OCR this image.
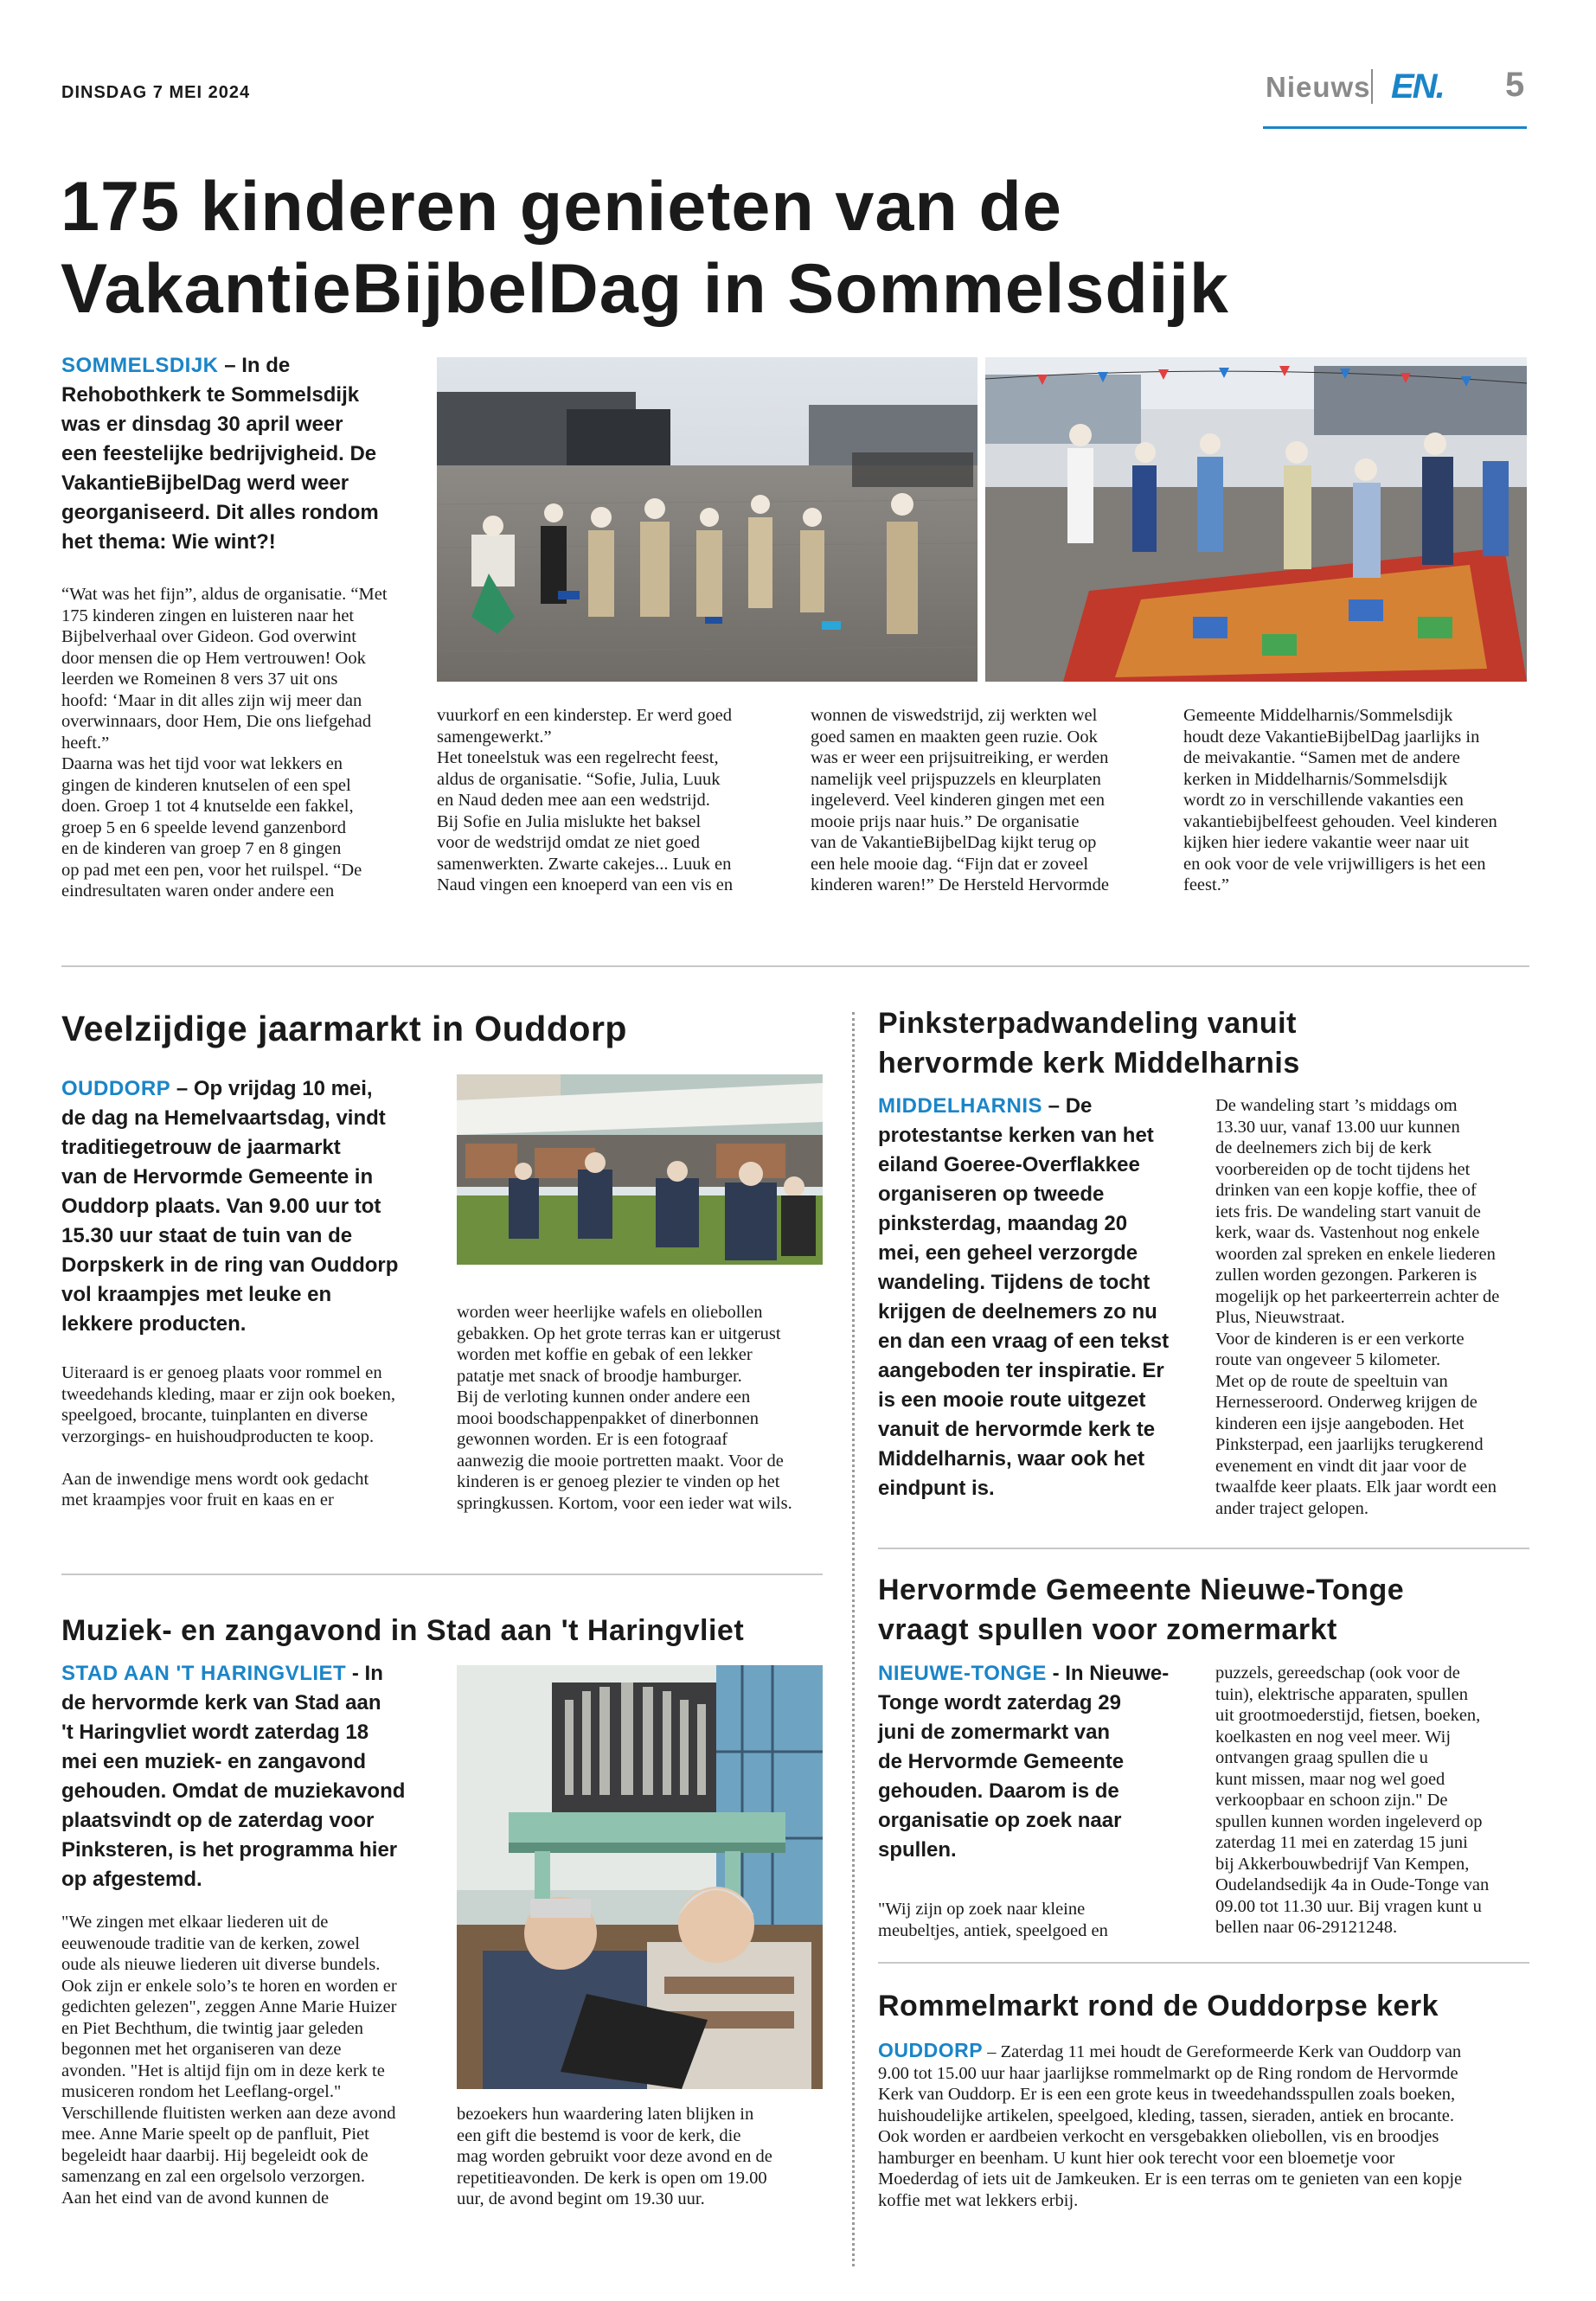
DINSDAG 7 MEI 2024	Nieuws EN. 5
175 kinderen genieten van de
VakantieBijbelDag in Sommelsdijk
SOMMELSDIJK – In de
Rehobothkerk te Sommelsdijk
was er dinsdag 30 april weer
een feestelijke bedrijvigheid. De
VakantieBijbelDag werd weer
georganiseerd. Dit alles rondom
het thema: Wie wint?!
“Wat was het fijn”, aldus de organisatie. “Met
175 kinderen zingen en luisteren naar het
Bijbelverhaal over Gideon. God overwint
door mensen die op Hem vertrouwen! Ook
leerden we Romeinen 8 vers 37 uit ons
hoofd: ‘Maar in dit alles zijn wij meer dan
overwinnaars, door Hem, Die ons liefgehad
heeft.”
Daarna was het tijd voor wat lekkers en
gingen de kinderen knutselen of een spel
doen. Groep 1 tot 4 knutselde een fakkel,
groep 5 en 6 speelde levend ganzenbord
en de kinderen van groep 7 en 8 gingen
op pad met een pen, voor het ruilspel. “De
eindresultaten waren onder andere een
vuurkorf en een kinderstep. Er werd goed
samengewerkt.”
Het toneelstuk was een regelrecht feest,
aldus de organisatie. “Sofie, Julia, Luuk
en Naud deden mee aan een wedstrijd.
Bij Sofie en Julia mislukte het baksel
voor de wedstrijd omdat ze niet goed
samenwerkten. Zwarte cakejes... Luuk en
Naud vingen een knoeperd van een vis en
wonnen de viswedstrijd, zij werkten wel
goed samen en maakten geen ruzie. Ook
was er weer een prijsuitreiking, er werden
namelijk veel prijspuzzels en kleurplaten
ingeleverd. Veel kinderen gingen met een
mooie prijs naar huis.” De organisatie
van de VakantieBijbelDag kijkt terug op
een hele mooie dag. “Fijn dat er zoveel
kinderen waren!” De Hersteld Hervormde
Gemeente Middelharnis/Sommelsdijk
houdt deze VakantieBijbelDag jaarlijks in
de meivakantie. “Samen met de andere
kerken in Middelharnis/Sommelsdijk
wordt zo in verschillende vakanties een
vakantiebijbelfeest gehouden. Veel kinderen
kijken hier iedere vakantie weer naar uit
en ook voor de vele vrijwilligers is het een
feest.”
Veelzijdige jaarmarkt in Ouddorp
OUDDORP – Op vrijdag 10 mei,
de dag na Hemelvaartsdag, vindt
traditiegetrouw de jaarmarkt
van de Hervormde Gemeente in
Ouddorp plaats. Van 9.00 uur tot
15.30 uur staat de tuin van de
Dorpskerk in de ring van Ouddorp
vol kraampjes met leuke en
lekkere producten.
Uiteraard is er genoeg plaats voor rommel en
tweedehands kleding, maar er zijn ook boeken,
speelgoed, brocante, tuinplanten en diverse
verzorgings- en huishoudproducten te koop.
Aan de inwendige mens wordt ook gedacht
met kraampjes voor fruit en kaas en er
worden weer heerlijke wafels en oliebollen
gebakken. Op het grote terras kan er uitgerust
worden met koffie en gebak of een lekker
patatje met snack of broodje hamburger.
Bij de verloting kunnen onder andere een
mooi boodschappenpakket of dinerbonnen
gewonnen worden. Er is een fotograaf
aanwezig die mooie portretten maakt. Voor de
kinderen is er genoeg plezier te vinden op het
springkussen. Kortom, voor een ieder wat wils.
Pinksterpadwandeling vanuit
hervormde kerk Middelharnis
MIDDELHARNIS – De
protestantse kerken van het
eiland Goeree-Overflakkee
organiseren op tweede
pinksterdag, maandag 20
mei, een geheel verzorgde
wandeling. Tijdens de tocht
krijgen de deelnemers zo nu
en dan een vraag of een tekst
aangeboden ter inspiratie. Er
is een mooie route uitgezet
vanuit de hervormde kerk te
Middelharnis, waar ook het
eindpunt is.
De wandeling start ’s middags om
13.30 uur, vanaf 13.00 uur kunnen
de deelnemers zich bij de kerk
voorbereiden op de tocht tijdens het
drinken van een kopje koffie, thee of
iets fris. De wandeling start vanuit de
kerk, waar ds. Vastenhout nog enkele
woorden zal spreken en enkele liederen
zullen worden gezongen. Parkeren is
mogelijk op het parkeerterrein achter de
Plus, Nieuwstraat.
Voor de kinderen is er een verkorte
route van ongeveer 5 kilometer.
Met op de route de speeltuin van
Hernesseroord. Onderweg krijgen de
kinderen een ijsje aangeboden. Het
Pinksterpad, een jaarlijks terugkerend
evenement en vindt dit jaar voor de
twaalfde keer plaats. Elk jaar wordt een
ander traject gelopen.
Muziek- en zangavond in Stad aan 't Haringvliet
STAD AAN 'T HARINGVLIET - In
de hervormde kerk van Stad aan
't Haringvliet wordt zaterdag 18
mei een muziek- en zangavond
gehouden. Omdat de muziekavond
plaatsvindt op de zaterdag voor
Pinksteren, is het programma hier
op afgestemd.
"We zingen met elkaar liederen uit de
eeuwenoude traditie van de kerken, zowel
oude als nieuwe liederen uit diverse bundels.
Ook zijn er enkele solo’s te horen en worden er
gedichten gelezen", zeggen Anne Marie Huizer
en Piet Bechthum, die twintig jaar geleden
begonnen met het organiseren van deze
avonden. "Het is altijd fijn om in deze kerk te
musiceren rondom het Leeflang-orgel."
Verschillende fluitisten werken aan deze avond
mee. Anne Marie speelt op de panfluit, Piet
begeleidt haar daarbij. Hij begeleidt ook de
samenzang en zal een orgelsolo verzorgen.
Aan het eind van de avond kunnen de
bezoekers hun waardering laten blijken in
een gift die bestemd is voor de kerk, die
mag worden gebruikt voor deze avond en de
repetitieavonden. De kerk is open om 19.00
uur, de avond begint om 19.30 uur.
Hervormde Gemeente Nieuwe-Tonge
vraagt spullen voor zomermarkt
NIEUWE-TONGE - In Nieuwe-
Tonge wordt zaterdag 29
juni de zomermarkt van
de Hervormde Gemeente
gehouden. Daarom is de
organisatie op zoek naar
spullen.
"Wij zijn op zoek naar kleine
meubeltjes, antiek, speelgoed en
puzzels, gereedschap (ook voor de
tuin), elektrische apparaten, spullen
uit grootmoederstijd, fietsen, boeken,
koelkasten en nog veel meer. Wij
ontvangen graag spullen die u
kunt missen, maar nog wel goed
verkoopbaar en schoon zijn." De
spullen kunnen worden ingeleverd op
zaterdag 11 mei en zaterdag 15 juni
bij Akkerbouwbedrijf Van Kempen,
Oudelandsedijk 4a in Oude-Tonge van
09.00 tot 11.30 uur. Bij vragen kunt u
bellen naar 06-29121248.
Rommelmarkt rond de Ouddorpse kerk
OUDDORP – Zaterdag 11 mei houdt de Gereformeerde Kerk van Ouddorp van
9.00 tot 15.00 uur haar jaarlijkse rommelmarkt op de Ring rondom de Hervormde
Kerk van Ouddorp. Er is een een grote keus in tweedehandsspullen zoals boeken,
huishoudelijke artikelen, speelgoed, kleding, tassen, sieraden, antiek en brocante.
Ook worden er aardbeien verkocht en versgebakken oliebollen, vis en broodjes
hamburger en beenham. U kunt hier ook terecht voor een bloemetje voor
Moederdag of iets uit de Jamkeuken. Er is een terras om te genieten van een kopje
koffie met wat lekkers erbij.
